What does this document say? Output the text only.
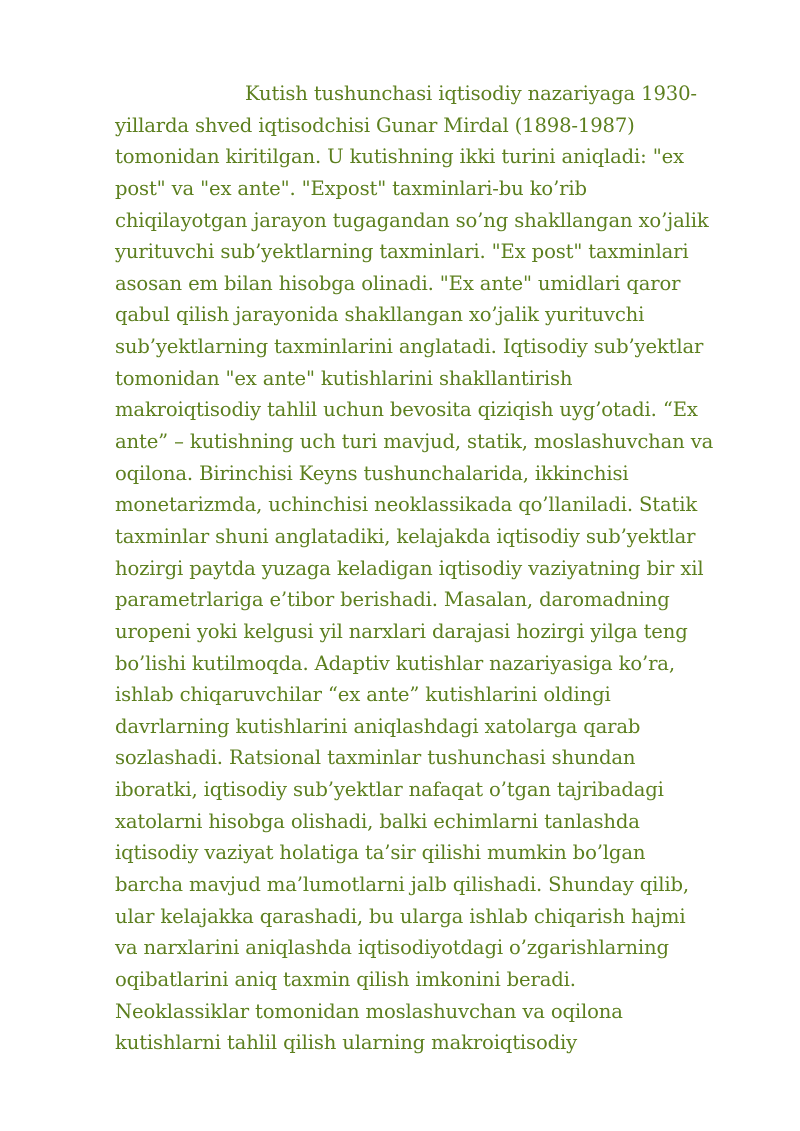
Kutish tushunchasi iqtisodiy nazariyaga 1930-
yillarda shved iqtisodchisi Gunar Mirdal (1898-1987)
tomonidan kiritilgan. U kutishning ikki turini aniqladi: "ex
post" va "ex ante". "Expost" taxminlari-bu ko’rib
chiqilayotgan jarayon tugagandan so’ng shakllangan xo’jalik
yurituvchi sub’yektlarning taxminlari. "Ex post" taxminlari
asosan em bilan hisobga olinadi. "Ex ante" umidlari qaror
qabul qilish jarayonida shakllangan xo’jalik yurituvchi
sub’yektlarning taxminlarini anglatadi. Iqtisodiy sub’yektlar
tomonidan "ex ante" kutishlarini shakllantirish
makroiqtisodiy tahlil uchun bevosita qiziqish uyg’otadi. “Ex
ante” – kutishning uch turi mavjud, statik, moslashuvchan va
oqilona. Birinchisi Keyns tushunchalarida, ikkinchisi
monetarizmda, uchinchisi neoklassikada qo’llaniladi. Statik
taxminlar shuni anglatadiki, kelajakda iqtisodiy sub’yektlar
hozirgi paytda yuzaga keladigan iqtisodiy vaziyatning bir xil
parametrlariga e’tibor berishadi. Masalan, daromadning
uropeni yoki kelgusi yil narxlari darajasi hozirgi yilga teng
bo’lishi kutilmoqda. Adaptiv kutishlar nazariyasiga ko’ra,
ishlab chiqaruvchilar “ex ante” kutishlarini oldingi
davrlarning kutishlarini aniqlashdagi xatolarga qarab
sozlashadi. Ratsional taxminlar tushunchasi shundan
iboratki, iqtisodiy sub’yektlar nafaqat o’tgan tajribadagi
xatolarni hisobga olishadi, balki echimlarni tanlashda
iqtisodiy vaziyat holatiga ta’sir qilishi mumkin bo’lgan
barcha mavjud ma’lumotlarni jalb qilishadi. Shunday qilib,
ular kelajakka qarashadi, bu ularga ishlab chiqarish hajmi
va narxlarini aniqlashda iqtisodiyotdagi o’zgarishlarning
oqibatlarini aniq taxmin qilish imkonini beradi.
Neoklassiklar tomonidan moslashuvchan va oqilona
kutishlarni tahlil qilish ularning makroiqtisodiy
